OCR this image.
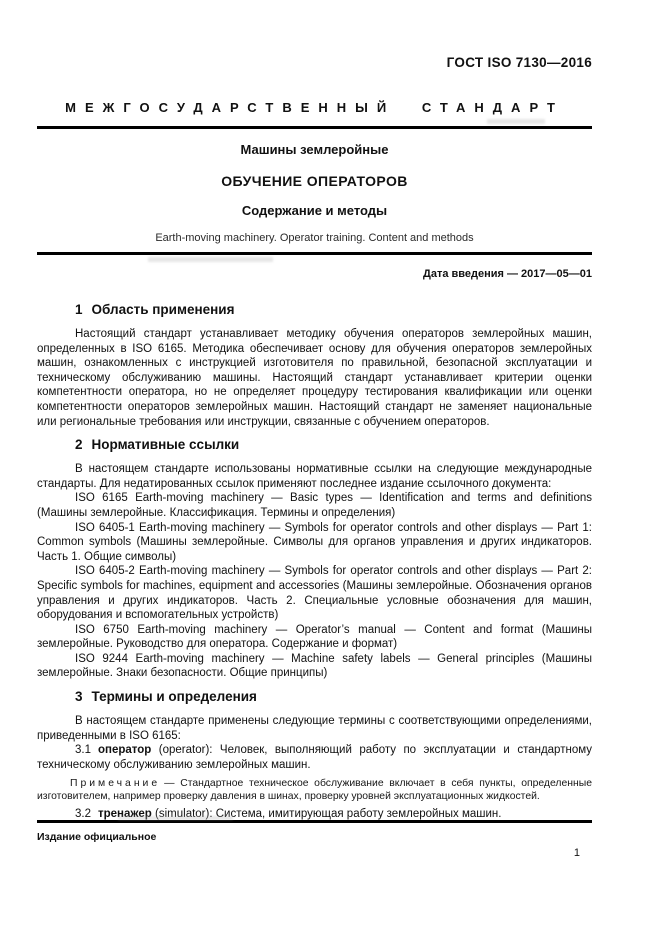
ГОСТ ISO 7130—2016
МЕЖГОСУДАРСТВЕННЫЙ СТАНДАРТ
Машины землеройные
ОБУЧЕНИЕ ОПЕРАТОРОВ
Содержание и методы
Earth-moving machinery. Operator training. Content and methods
Дата введения — 2017—05—01
1 Область применения

Настоящий стандарт устанавливает методику обучения операторов землеройных машин, определенных в ISO 6165. Методика обеспечивает основу для обучения операторов землеройных машин, ознакомленных с инструкцией изготовителя по правильной, безопасной эксплуатации и техническому обслуживанию машины. Настоящий стандарт устанавливает критерии оценки компетентности оператора, но не определяет процедуру тестирования квалификации или оценки компетентности операторов землеройных машин. Настоящий стандарт не заменяет национальные или региональные требования или инструкции, связанные с обучением операторов.

2 Нормативные ссылки

В настоящем стандарте использованы нормативные ссылки на следующие международные стандарты. Для недатированных ссылок применяют последнее издание ссылочного документа:

ISO 6165 Earth-moving machinery — Basic types — Identification and terms and definitions (Машины землеройные. Классификация. Термины и определения)

ISO 6405-1 Earth-moving machinery — Symbols for operator controls and other displays — Part 1: Common symbols (Машины землеройные. Символы для органов управления и других индикаторов. Часть 1. Общие символы)

ISO 6405-2 Earth-moving machinery — Symbols for operator controls and other displays — Part 2: Specific symbols for machines, equipment and accessories (Машины землеройные. Обозначения органов управления и других индикаторов. Часть 2. Специальные условные обозначения для машин, оборудования и вспомогательных устройств)

ISO 6750 Earth-moving machinery — Operator’s manual — Content and format (Машины землеройные. Руководство для оператора. Содержание и формат)

ISO 9244 Earth-moving machinery — Machine safety labels — General principles (Машины землеройные. Знаки безопасности. Общие принципы)

3 Термины и определения

В настоящем стандарте применены следующие термины с соответствующими определениями, приведенными в ISO 6165:

3.1 оператор (operator): Человек, выполняющий работу по эксплуатации и стандартному техническому обслуживанию землеройных машин.

Примечание — Стандартное техническое обслуживание включает в себя пункты, определенные изготовителем, например проверку давления в шинах, проверку уровней эксплуатационных жидкостей.

3.2 тренажер (simulator): Система, имитирующая работу землеройных машин.

Издание официальное
1
